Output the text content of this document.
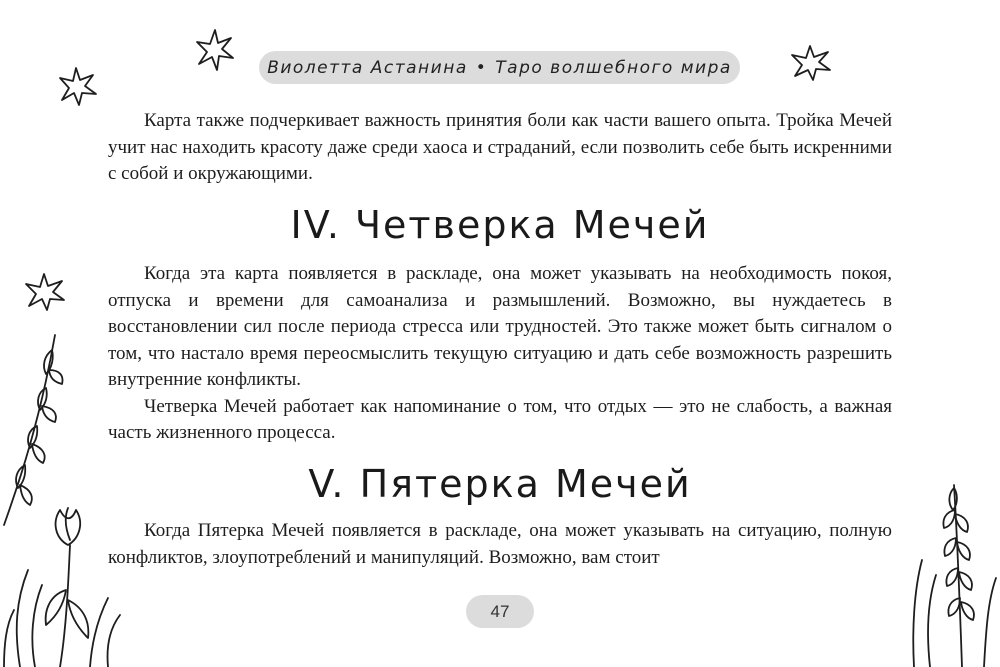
Виолетта Астанина • Таро волшебного мира

Карта также подчеркивает важность принятия боли как части вашего опыта. Тройка Мечей учит нас находить красоту даже среди хаоса и страданий, если позволить себе быть искренними с собой и окружающими.

IV. Четверка Мечей

Когда эта карта появляется в раскладе, она может указывать на необходимость покоя, отпуска и времени для самоанализа и размышлений. Возможно, вы нуждаетесь в восстановлении сил после периода стресса или трудностей. Это также может быть сигналом о том, что настало время переосмыслить текущую ситуацию и дать себе возможность разрешить внутренние конфликты.

Четверка Мечей работает как напоминание о том, что отдых — это не слабость, а важная часть жизненного процесса.

V. Пятерка Мечей

Когда Пятерка Мечей появляется в раскладе, она может указывать на ситуацию, полную конфликтов, злоупотреблений и манипуляций. Возможно, вам стоит

47
